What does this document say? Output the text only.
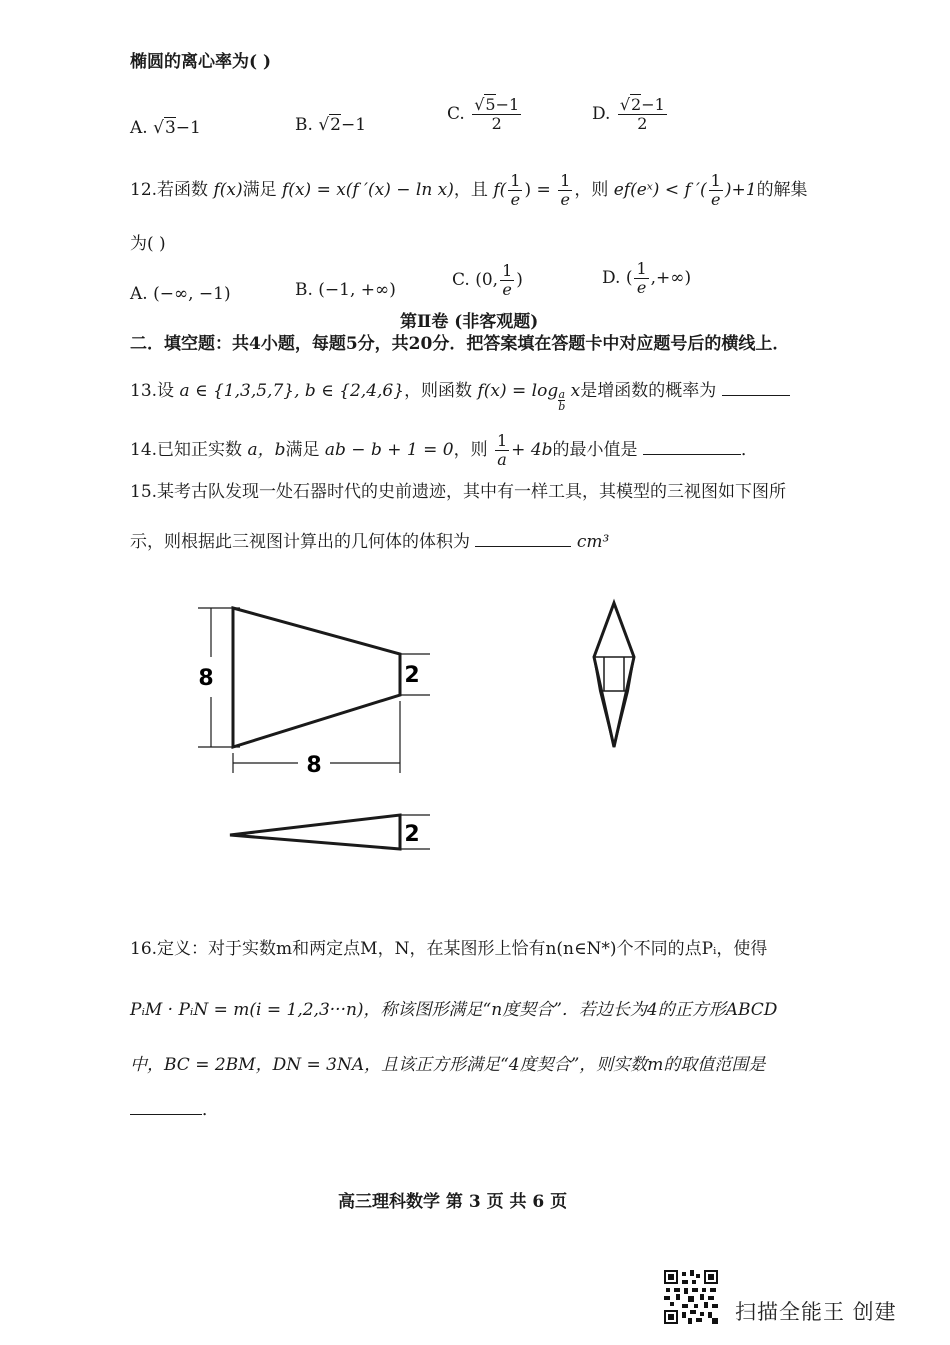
椭圆的离心率为( )
A. √3−1	B. √2−1
C. $\frac{√5-1}{2}$	D. $\frac{√2-1}{2}$
12.若函数 f(x)满足 f(x) = x(f ′(x) − ln x)，且 $f( \frac{1}{e}$ ) = $\frac{1}{e}$ ，则 ef(eˣ) < f ′( $\frac{1}{e} )+1$的解集
为( )
A. (−∞, −1)	B. (−1, +∞)	C. (0, $\frac{1}{e}$ )	D. ( $\frac{1}{e}$ ,+∞)
第Ⅱ卷 (非客观题)
二．填空题：共4小题，每题5分，共20分．把答案填在答题卡中对应题号后的横线上．
13.设 a ∈ {1,3,5,7}, b ∈ {2,4,6}，则函数 $f(x) = \log \frac{a}{b}$ x是增函数的概率为
14.已知正实数 a，b满足 ab − b + 1 = 0，则 $\frac{1}{a} + 4b$的最小值是	．
15.某考古队发现一处石器时代的史前遗迹，其中有一样工具，其模型的三视图如下图所
示，则根据此三视图计算出的几何体的体积为	cm³
8
8
2
2
16.定义：对于实数m和两定点M，N，在某图形上恰有n(n∈N*)个不同的点Pᵢ，使得
PᵢM · PᵢN = m(i = 1,2,3···n)，称该图形满足“n度契合”．若边长为4的正方形ABCD
中，BC = 2BM，DN = 3NA，且该正方形满足“4度契合”，则实数m的取值范围是
．
高三理科数学 第 3 页 共 6 页
扫描全能王 创建
